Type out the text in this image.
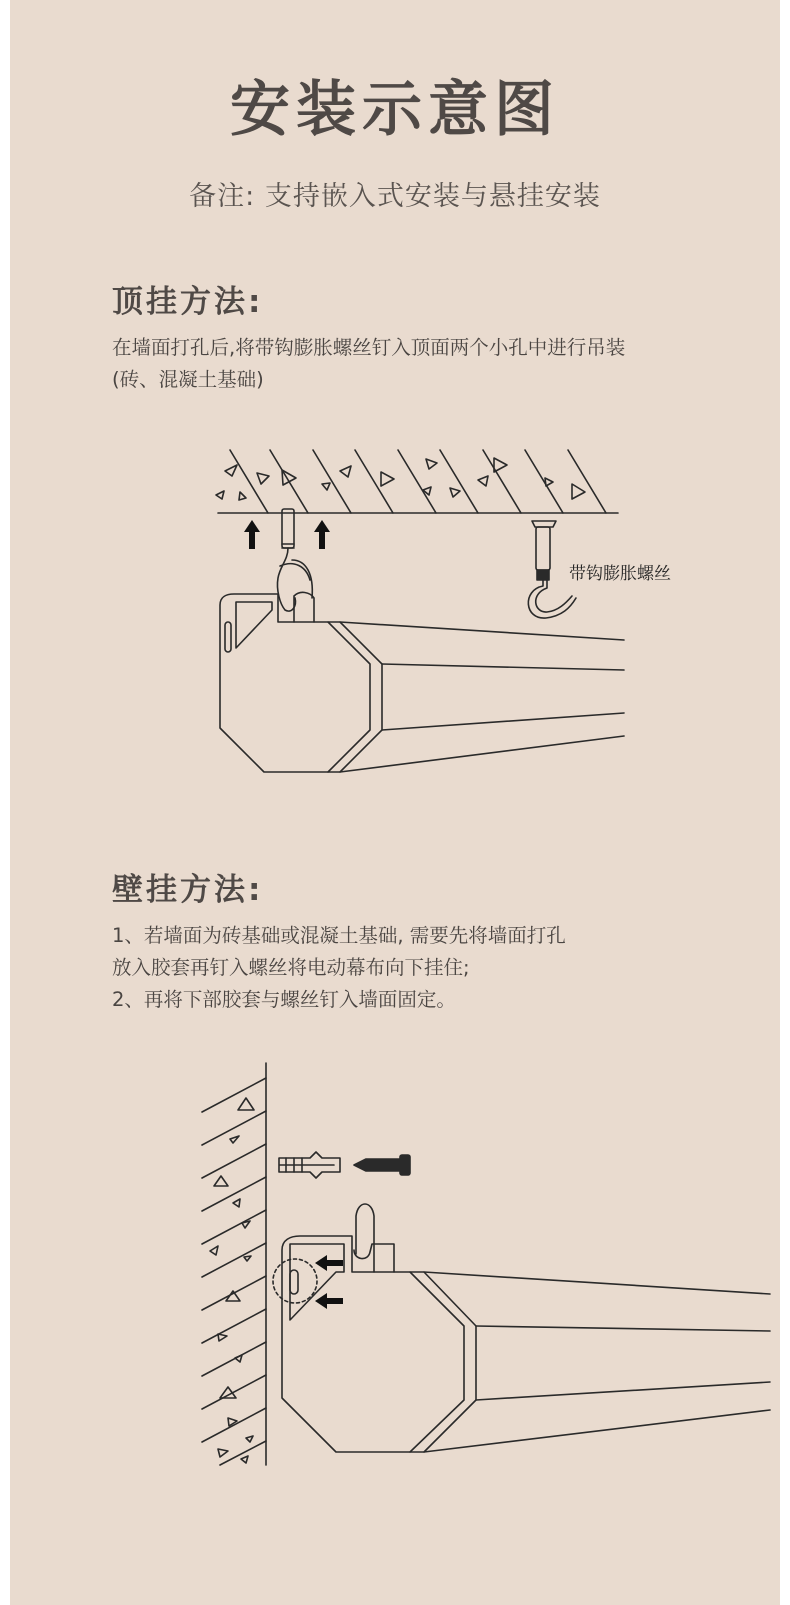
安装示意图
备注: 支持嵌入式安装与悬挂安装
顶挂方法:
在墙面打孔后,将带钩膨胀螺丝钉入顶面两个小孔中进行吊装
(砖、混凝土基础)
壁挂方法:
1、若墙面为砖基础或混凝土基础, 需要先将墙面打孔
放入胶套再钉入螺丝将电动幕布向下挂住;
2、再将下部胶套与螺丝钉入墙面固定。
带钩膨胀螺丝
